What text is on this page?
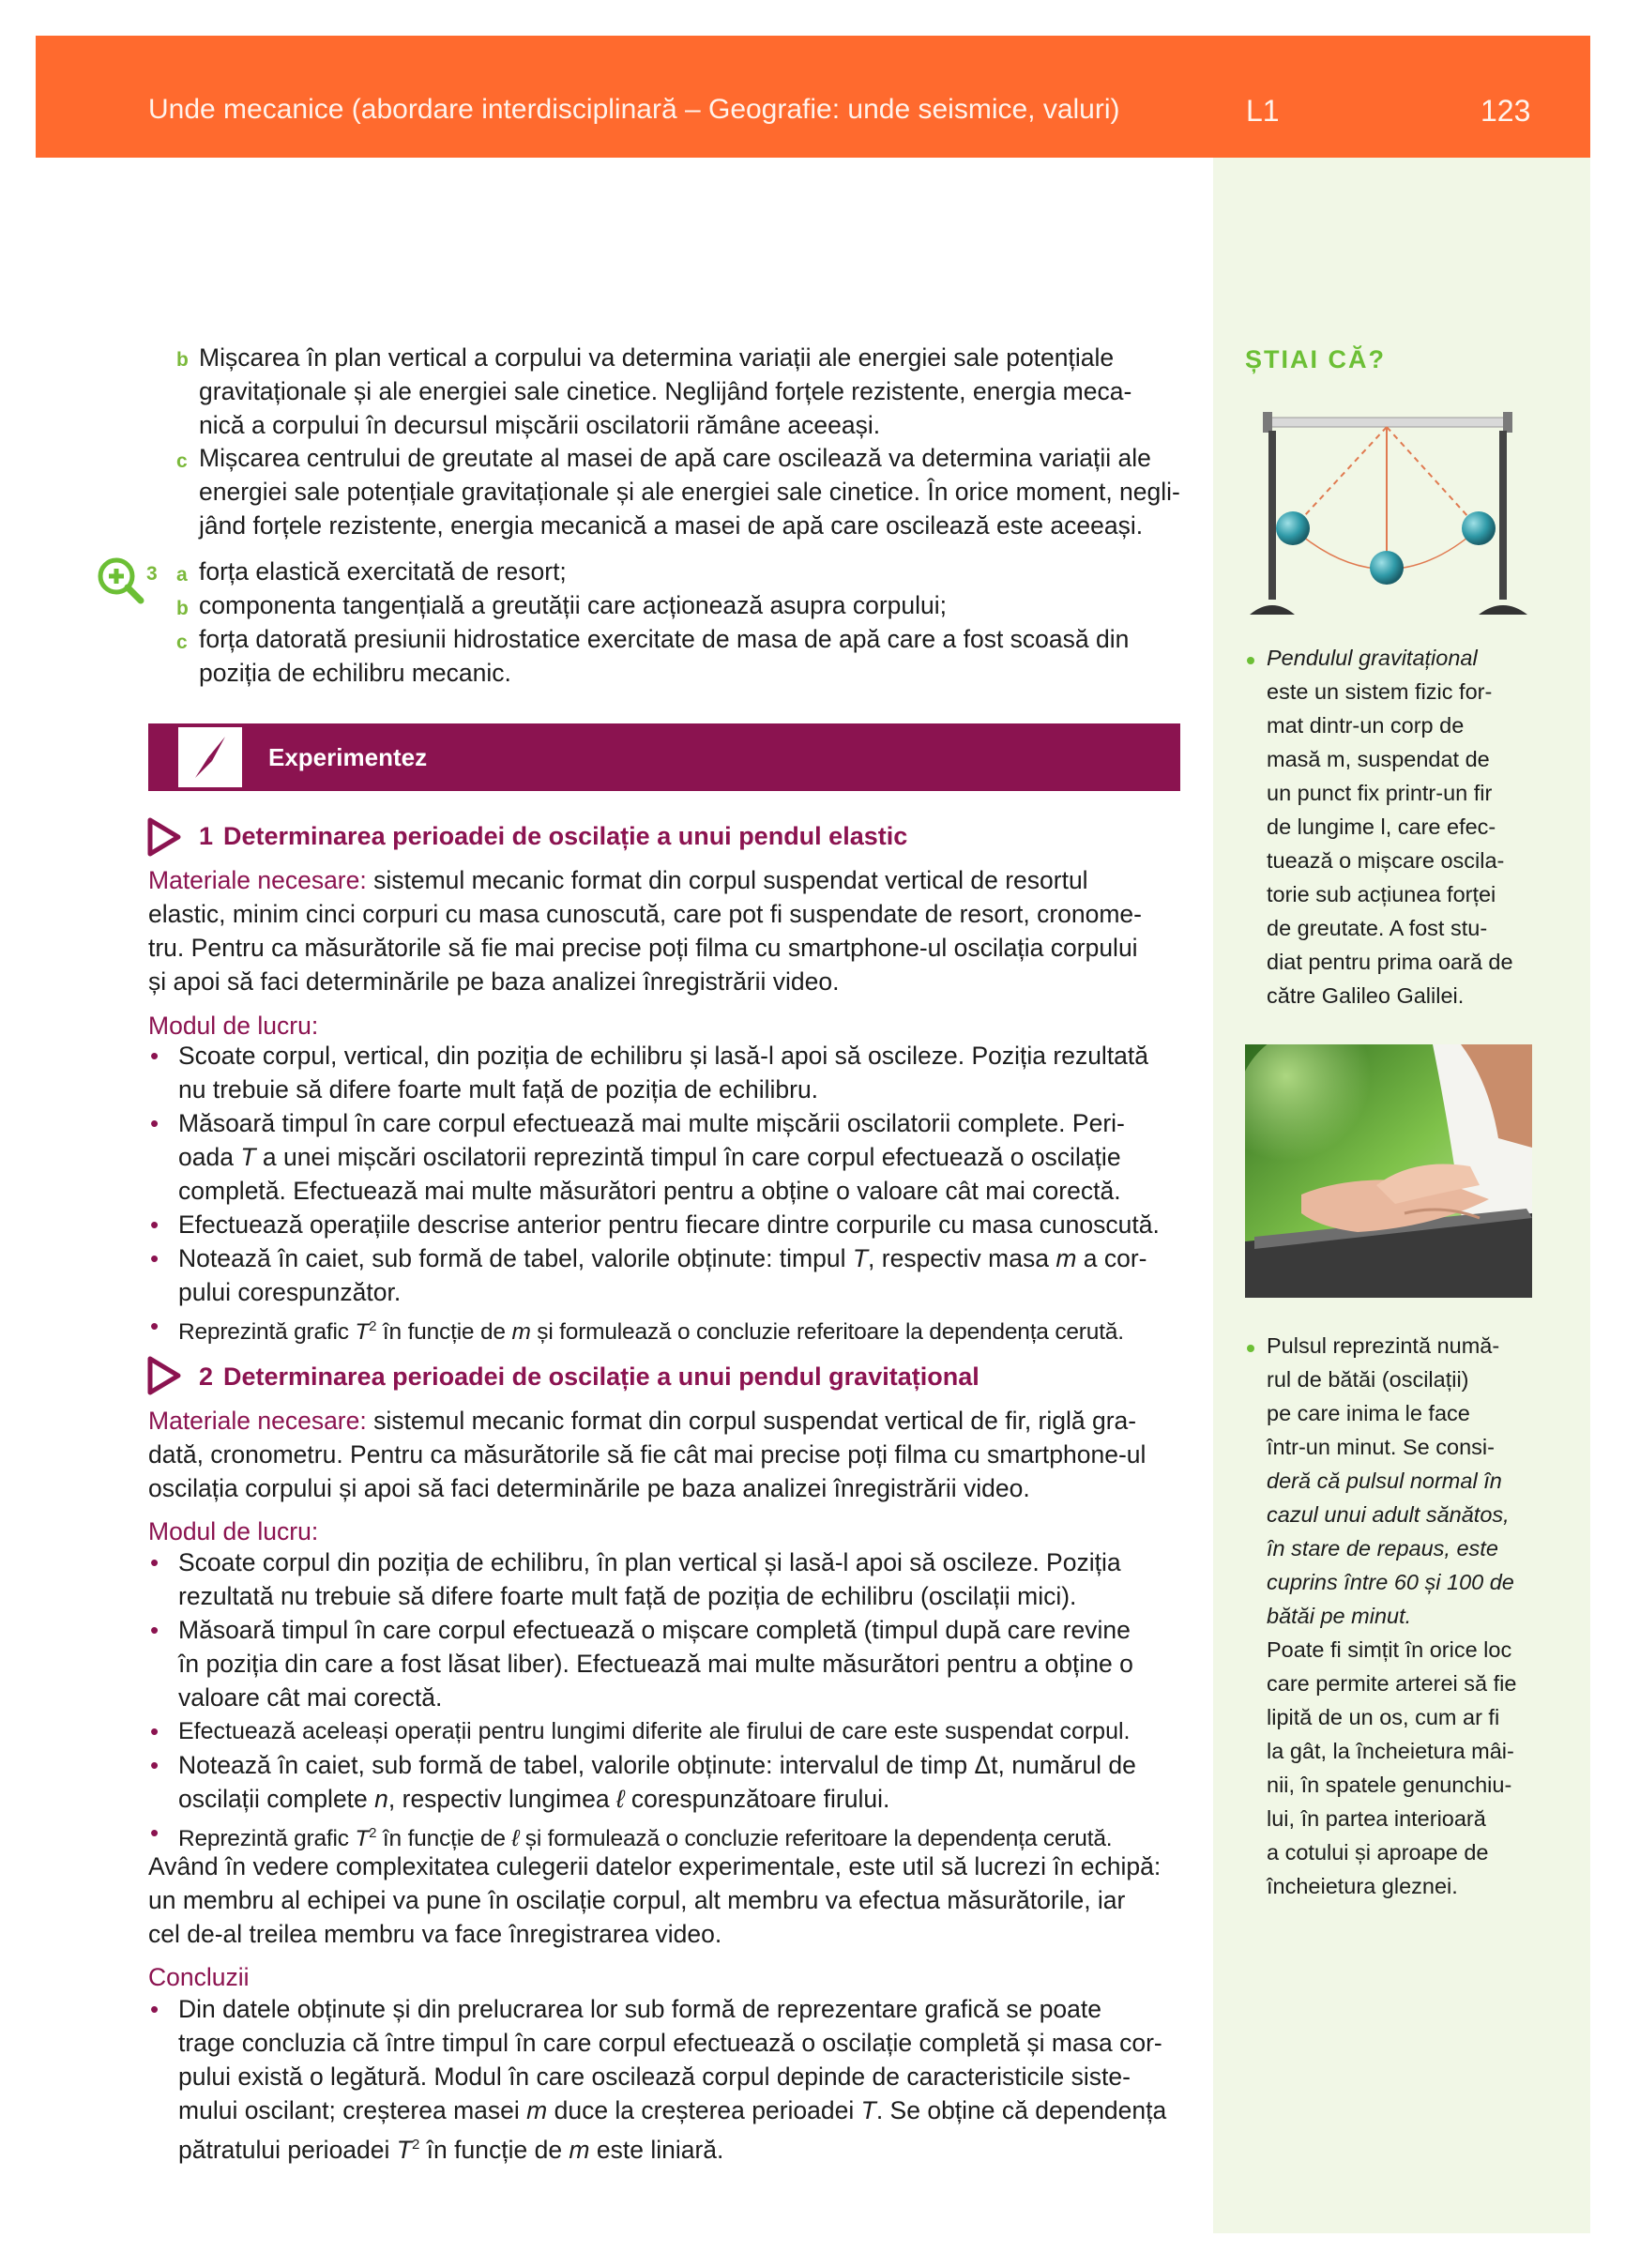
Unde mecanice (abordare interdisciplinară – Geografie: unde seismice, valuri)	L1	123
b Mișcarea în plan vertical a corpului va determina variații ale energiei sale potențiale
gravitaționale și ale energiei sale cinetice. Neglijând forțele rezistente, energia meca-
nică a corpului în decursul mișcării oscilatorii rămâne aceeași.
c Mișcarea centrului de greutate al masei de apă care oscilează va determina variații ale
energiei sale potențiale gravitaționale și ale energiei sale cinetice. În orice moment, negli-
jând forțele rezistente, energia mecanică a masei de apă care oscilează este aceeași.
3 a forța elastică exercitată de resort;
b componenta tangențială a greutății care acționează asupra corpului;
c forța datorată presiunii hidrostatice exercitate de masa de apă care a fost scoasă din
poziția de echilibru mecanic.
Experimentez
1 Determinarea perioadei de oscilație a unui pendul elastic
Materiale necesare: sistemul mecanic format din corpul suspendat vertical de resortul
elastic, minim cinci corpuri cu masa cunoscută, care pot fi suspendate de resort, cronome-
tru. Pentru ca măsurătorile să fie mai precise poți filma cu smartphone-ul oscilația corpului
și apoi să faci determinările pe baza analizei înregistrării video.
Modul de lucru:
• Scoate corpul, vertical, din poziția de echilibru și lasă-l apoi să oscileze. Poziția rezultată
nu trebuie să difere foarte mult față de poziția de echilibru.
• Măsoară timpul în care corpul efectuează mai multe mișcării oscilatorii complete. Peri-
oada T a unei mișcări oscilatorii reprezintă timpul în care corpul efectuează o oscilație
completă. Efectuează mai multe măsurători pentru a obține o valoare cât mai corectă.
• Efectuează operațiile descrise anterior pentru fiecare dintre corpurile cu masa cunoscută.
• Notează în caiet, sub formă de tabel, valorile obținute: timpul T, respectiv masa m a cor-
pului corespunzător.
• Reprezintă grafic $T^2$ în funcție de m și formulează o concluzie referitoare la dependența cerută.
2 Determinarea perioadei de oscilație a unui pendul gravitațional
Materiale necesare: sistemul mecanic format din corpul suspendat vertical de fir, riglă gra-
dată, cronometru. Pentru ca măsurătorile să fie cât mai precise poți filma cu smartphone-ul
oscilația corpului și apoi să faci determinările pe baza analizei înregistrării video.
Modul de lucru:
• Scoate corpul din poziția de echilibru, în plan vertical și lasă-l apoi să oscileze. Poziția
rezultată nu trebuie să difere foarte mult față de poziția de echilibru (oscilații mici).
• Măsoară timpul în care corpul efectuează o mișcare completă (timpul după care revine
în poziția din care a fost lăsat liber). Efectuează mai multe măsurători pentru a obține o
valoare cât mai corectă.
• Efectuează aceleași operații pentru lungimi diferite ale firului de care este suspendat corpul.
• Notează în caiet, sub formă de tabel, valorile obținute: intervalul de timp Δt, numărul de
oscilații complete n, respectiv lungimea ℓ corespunzătoare firului.
• Reprezintă grafic $T^2$ în funcție de ℓ și formulează o concluzie referitoare la dependența cerută.
Având în vedere complexitatea culegerii datelor experimentale, este util să lucrezi în echipă:
un membru al echipei va pune în oscilație corpul, alt membru va efectua măsurătorile, iar
cel de-al treilea membru va face înregistrarea video.
Concluzii
• Din datele obținute și din prelucrarea lor sub formă de reprezentare grafică se poate
trage concluzia că între timpul în care corpul efectuează o oscilație completă și masa cor-
pului există o legătură. Modul în care oscilează corpul depinde de caracteristicile siste-
mului oscilant; creșterea masei m duce la creșterea perioadei T. Se obține că dependența
pătratului perioadei $T^2$ în funcție de m este liniară.
ȘTIAI CĂ?
Pendulul gravitațional
este un sistem fizic for-
mat dintr-un corp de
masă m, suspendat de
un punct fix printr-un fir
de lungime l, care efec-
tuează o mișcare oscila-
torie sub acțiunea forței
de greutate. A fost stu-
diat pentru prima oară de
către Galileo Galilei.
Pulsul reprezintă numă-
rul de bătăi (oscilații)
pe care inima le face
într-un minut. Se consi-
deră că pulsul normal în
cazul unui adult sănătos,
în stare de repaus, este
cuprins între 60 și 100 de
bătăi pe minut.
Poate fi simțit în orice loc
care permite arterei să fie
lipită de un os, cum ar fi
la gât, la încheietura mâi-
nii, în spatele genunchiu-
lui, în partea interioară
a cotului și aproape de
încheietura gleznei.
